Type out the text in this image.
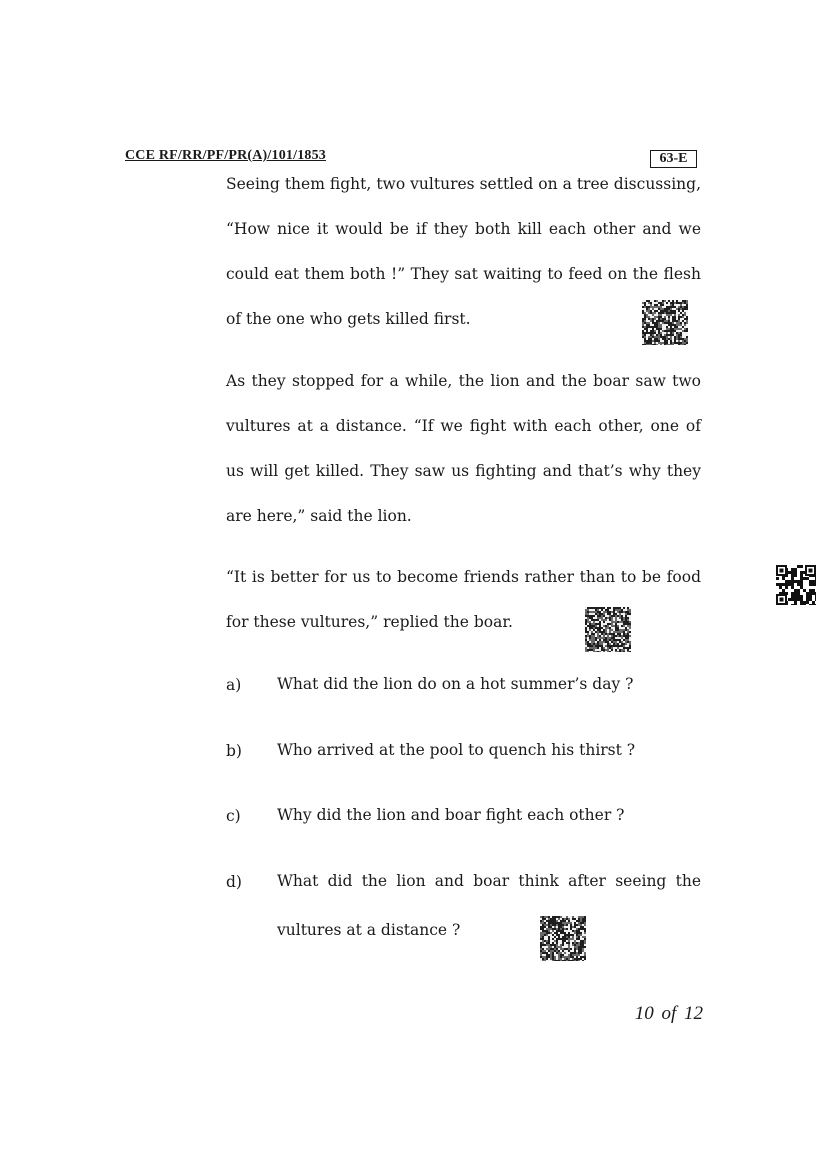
CCE RF/RR/PF/PR(A)/101/1853	63-E

Seeing them fight, two vultures settled on a tree discussing, “How nice it would be if they both kill each other and we could eat them both !” They sat waiting to feed on the flesh of the one who gets killed first.

As they stopped for a while, the lion and the boar saw two vultures at a distance. “If we fight with each other, one of us will get killed. They saw us fighting and that’s why they are here,” said the lion.

“It is better for us to become friends rather than to be food for these vultures,” replied the boar.

a) What did the lion do on a hot summer’s day ?

b) Who arrived at the pool to quench his thirst ?

c) Why did the lion and boar fight each other ?

d) What did the lion and boar think after seeing the vultures at a distance ?

10 of 12
